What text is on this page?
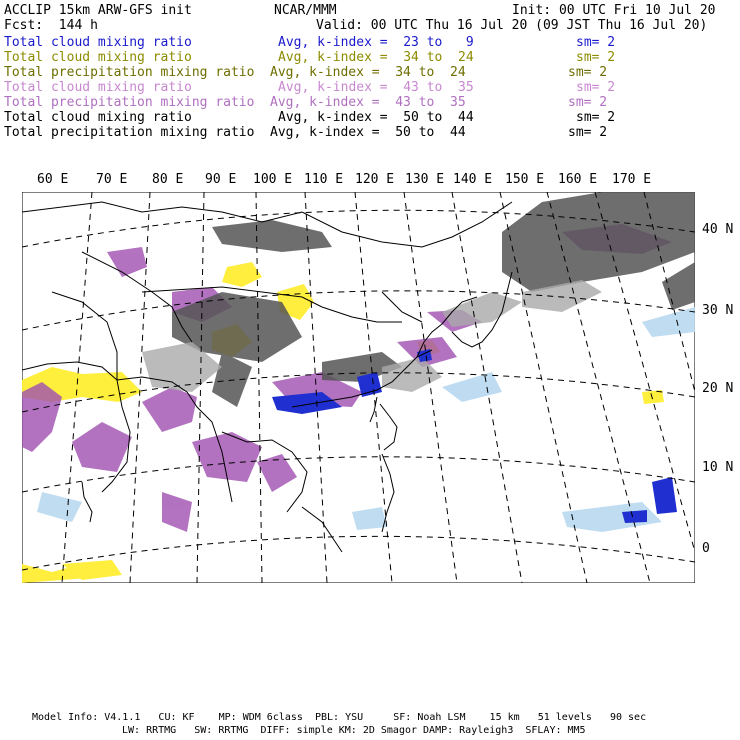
ACCLIP 15km ARW-GFS init	NCAR/MMM	Init: 00 UTC Fri 10 Jul 20
Fcst:  144 h	Valid: 00 UTC Thu 16 Jul 20 (09 JST Thu 16 Jul 20)
Total cloud mixing ratio	Avg, k-index =  23 to   9	sm= 2
Total cloud mixing ratio	Avg, k-index =  34 to  24	sm= 2
Total precipitation mixing ratio Avg, k-index =  34 to  24	sm= 2
Total cloud mixing ratio	Avg, k-index =  43 to  35	sm= 2
Total precipitation mixing ratio Avg, k-index =  43 to  35	sm= 2
Total cloud mixing ratio	Avg, k-index =  50 to  44	sm= 2
Total precipitation mixing ratio Avg, k-index =  50 to  44	sm= 2
60 E 70 E 80 E 90 E 100 E 110 E 120 E 130 E 140 E 150 E 160 E 170 E
40 N
30 N
20 N
10 N
0
Model Info: V4.1.1   CU: KF    MP: WDM 6class  PBL: YSU     SF: Noah LSM    15 km   51 levels   90 sec
LW: RRTMG   SW: RRTMG  DIFF: simple KM: 2D Smagor DAMP: Rayleigh3  SFLAY: MM5
